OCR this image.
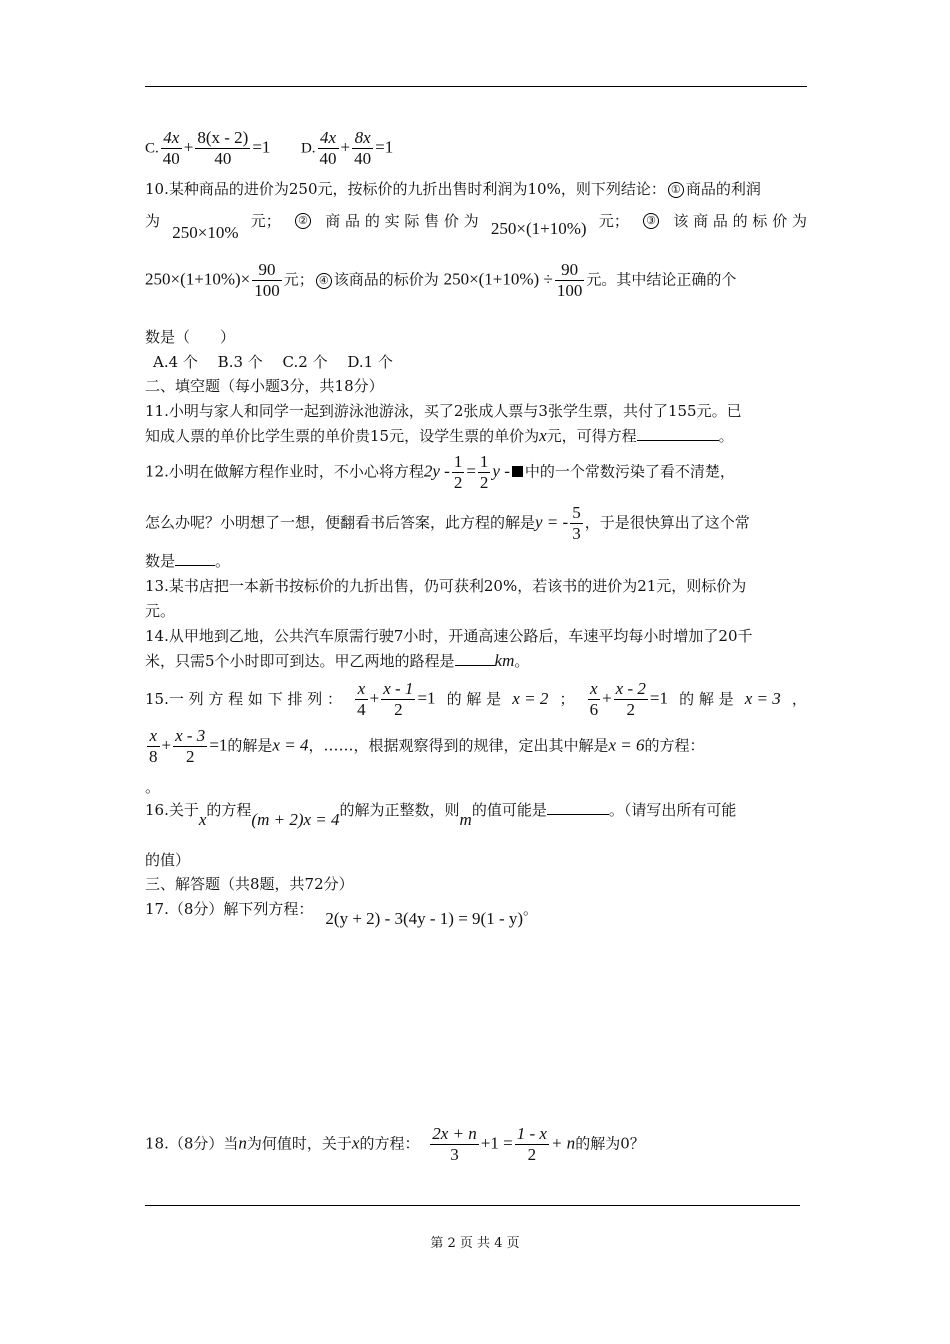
C. $\frac{4x}{40} + \frac{8(x - 2)}{40} =1$ D. $\frac{4x}{40} + \frac{8x}{40} =1$
10.某种商品的进价为250元，按标价的九折出售时利润为10%，则下列结论： ① 商品的利润
为
250×10%
元； ② 商 品 的 实 际 售 价 为 250×(1+10%) 元； ③ 该 商 品 的 标 价 为
$250\times(1+10\%)\times \frac{90}{100}$ 元； ④ 该商品的标价为 $250\times(1+10\%) \div \frac{90}{100}$ 元。其中结论正确的个
数是（　　）
A.4 个　 B.3 个　 C.2 个　 D.1 个
二、填空题（每小题3分，共18分）
11.小明与家人和同学一起到游泳池游泳，买了2张成人票与3张学生票，共付了155元。已
知成人票的单价比学生票的单价贵15元，设学生票的单价为x元，可得方程	。
12.小明在做解方程作业时，不小心将方程$2y - \frac{1}{2} = \frac{1}{2}$ y - 中的一个常数污染了看不清楚，
怎么办呢？小明想了一想，便翻看书后答案，此方程的解是y = - $\frac{5}{3}$ ，于是很快算出了这个常
数是	。
13.某书店把一本新书按标价的九折出售，仍可获利20%，若该书的进价为21元，则标价为
元。
14.从甲地到乙地，公共汽车原需行驶7小时，开通高速公路后，车速平均每小时增加了20千
米，只需5个小时即可到达。甲乙两地的路程是 km。
15.一 列 方 程 如 下 排 列 ： $\frac{x}{4} + \frac{x - 1}{2} =1$ 的 解 是 x = 2 ； $\frac{x}{6} + \frac{x - 2}{2} =1$ 的 解 是 x = 3 ，
$\frac{x}{8} + \frac{x - 3}{2} =1$的解是x = 4，……，根据观察得到的规律，定出其中解是x = 6的方程：
。
16.关于x的方程(m + 2)x = 4的解为正整数，则m的值可能是	。（请写出所有可能
的值）
三、解答题（共8题，共72分）
17.（8分）解下列方程： 2(y + 2) - 3(4y - 1) = 9(1 - y)。
18.（8分）当n为何值时，关于x的方程： $\frac{2x + n}{3} +1 = \frac{1 - x}{2} + n$的解为0？
第 2 页 共 4 页
